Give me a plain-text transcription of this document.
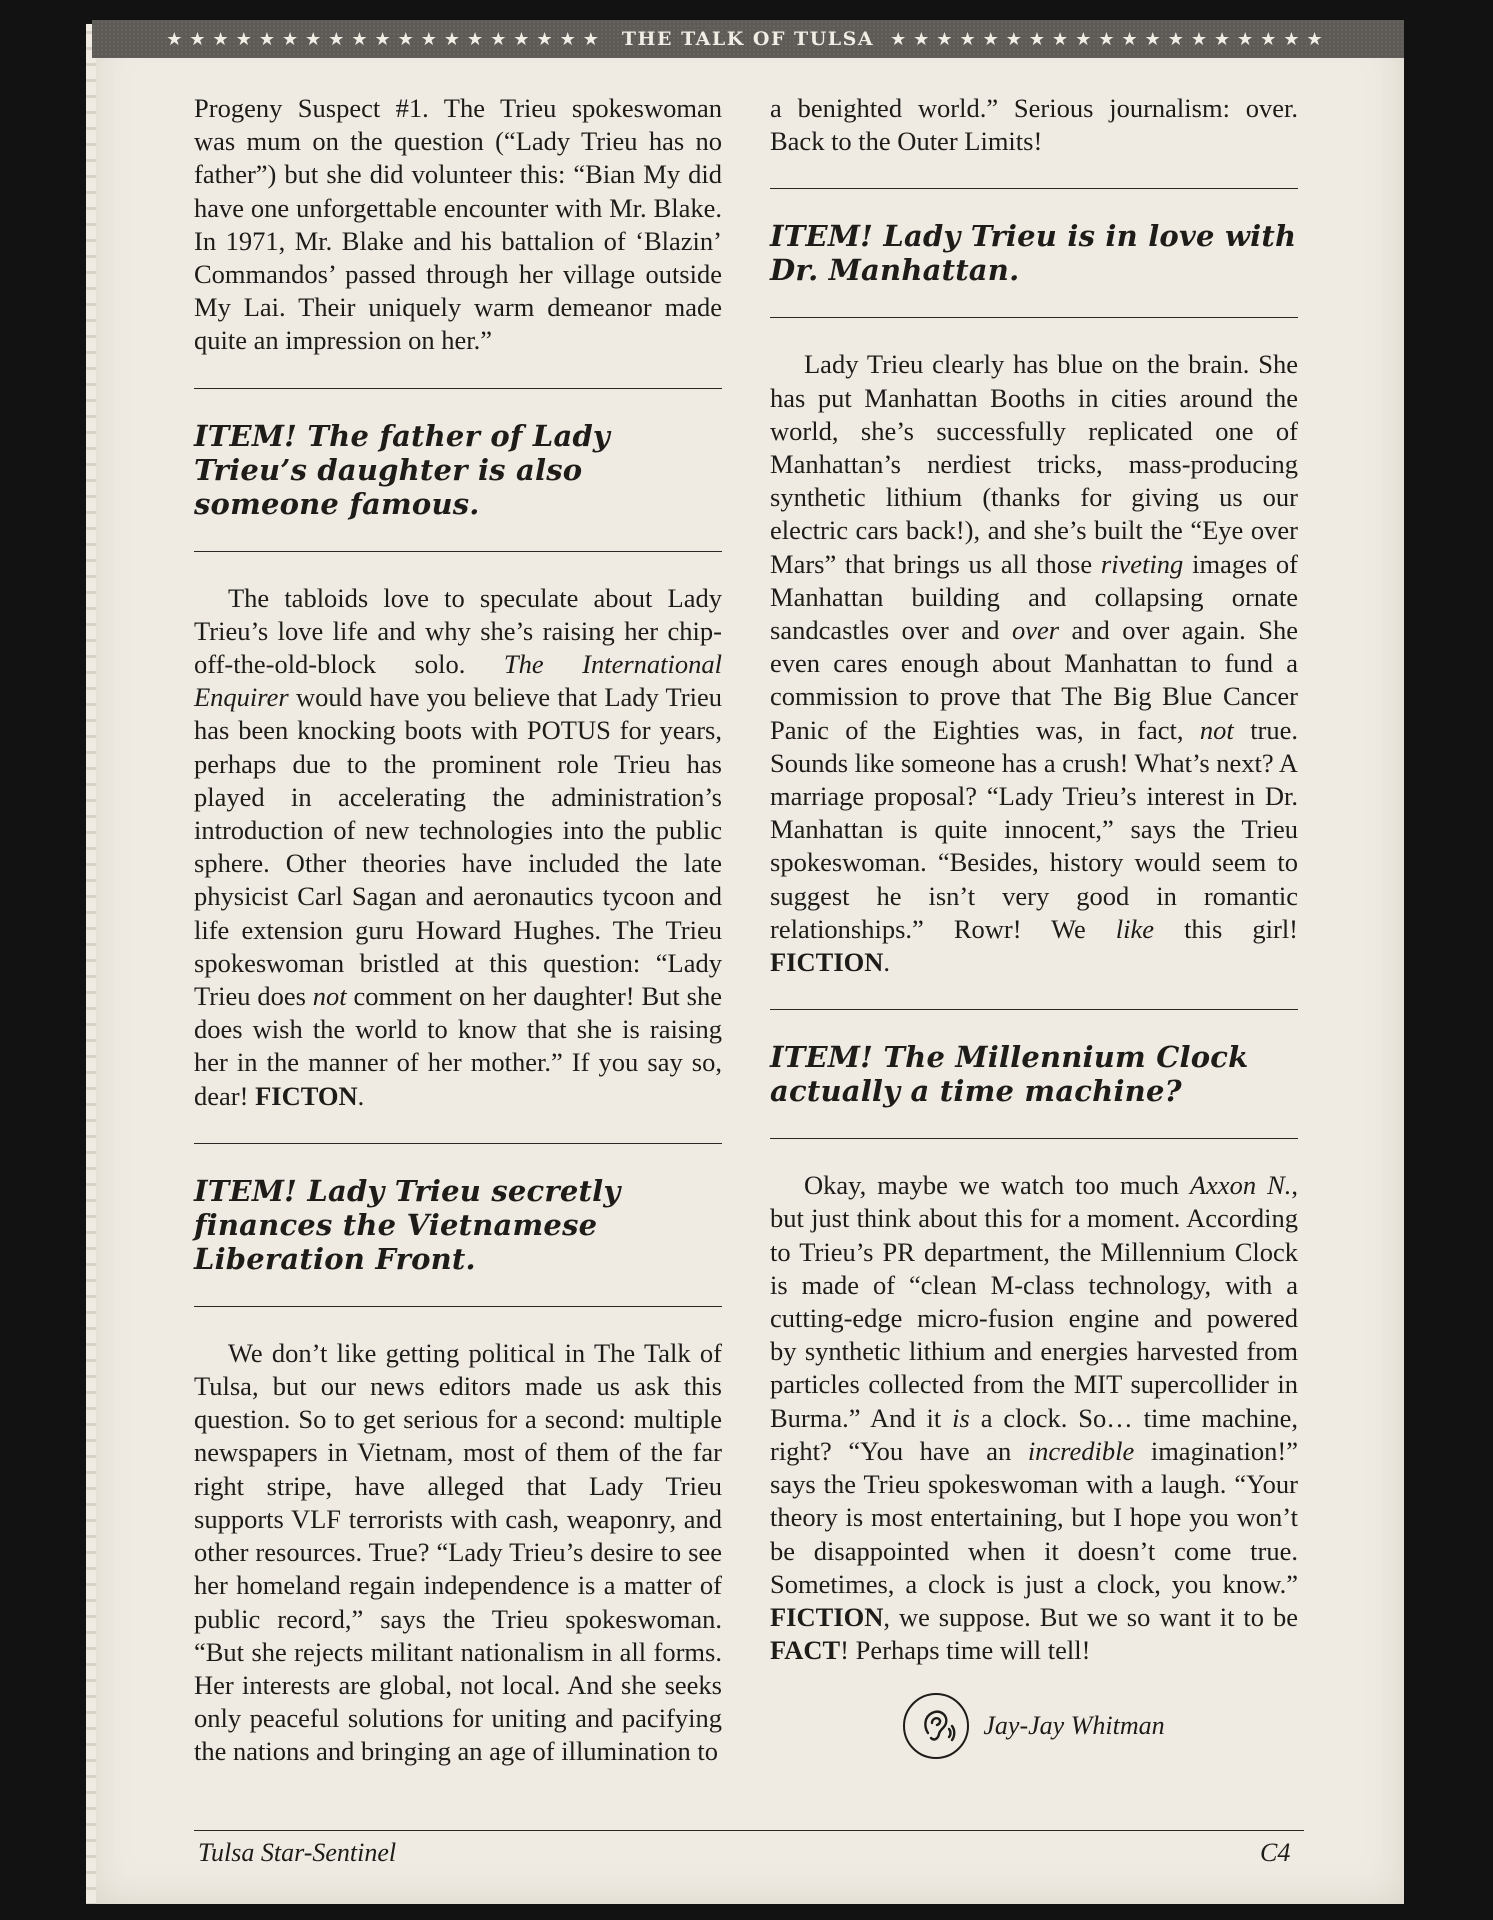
★★★★★★★★★★★★★★★★★★★ THE TALK OF TULSA ★★★★★★★★★★★★★★★★★★★

Progeny Suspect #1. The Trieu spokeswoman was mum on the question (“Lady Trieu has no father”) but she did volunteer this: “Bian My did have one unforgettable encounter with Mr. Blake. In 1971, Mr. Blake and his battalion of ‘Blazin’ Commandos’ passed through her village outside My Lai. Their uniquely warm demeanor made quite an impression on her.”

ITEM! The father of Lady Trieu’s daughter is also someone famous.

The tabloids love to speculate about Lady Trieu’s love life and why she’s raising her chip-off-the-old-block solo. The International Enquirer would have you believe that Lady Trieu has been knocking boots with POTUS for years, perhaps due to the prominent role Trieu has played in accelerating the administration’s introduction of new technologies into the public sphere. Other theories have included the late physicist Carl Sagan and aeronautics tycoon and life extension guru Howard Hughes. The Trieu spokeswoman bristled at this question: “Lady Trieu does not comment on her daughter! But she does wish the world to know that she is raising her in the manner of her mother.” If you say so, dear! FICTON.

ITEM! Lady Trieu secretly finances the Vietnamese Liberation Front.

We don’t like getting political in The Talk of Tulsa, but our news editors made us ask this question. So to get serious for a second: multiple newspapers in Vietnam, most of them of the far right stripe, have alleged that Lady Trieu supports VLF terrorists with cash, weaponry, and other resources. True? “Lady Trieu’s desire to see her homeland regain independence is a matter of public record,” says the Trieu spokeswoman. “But she rejects militant nationalism in all forms. Her interests are global, not local. And she seeks only peaceful solutions for uniting and pacifying the nations and bringing an age of illumination to

a benighted world.” Serious journalism: over. Back to the Outer Limits!

ITEM! Lady Trieu is in love with Dr. Manhattan.

Lady Trieu clearly has blue on the brain. She has put Manhattan Booths in cities around the world, she’s successfully replicated one of Manhattan’s nerdiest tricks, mass-producing synthetic lithium (thanks for giving us our electric cars back!), and she’s built the “Eye over Mars” that brings us all those riveting images of Manhattan building and collapsing ornate sandcastles over and over and over again. She even cares enough about Manhattan to fund a commission to prove that The Big Blue Cancer Panic of the Eighties was, in fact, not true. Sounds like someone has a crush! What’s next? A marriage proposal? “Lady Trieu’s interest in Dr. Manhattan is quite innocent,” says the Trieu spokeswoman. “Besides, history would seem to suggest he isn’t very good in romantic relationships.” Rowr! We like this girl! FICTION.

ITEM! The Millennium Clock actually a time machine?

Okay, maybe we watch too much Axxon N., but just think about this for a moment. According to Trieu’s PR department, the Millennium Clock is made of “clean M-class technology, with a cutting-edge micro-fusion engine and powered by synthetic lithium and energies harvested from particles collected from the MIT supercollider in Burma.” And it is a clock. So… time machine, right? “You have an incredible imagination!” says the Trieu spokeswoman with a laugh. “Your theory is most entertaining, but I hope you won’t be disappointed when it doesn’t come true. Sometimes, a clock is just a clock, you know.” FICTION, we suppose. But we so want it to be FACT! Perhaps time will tell!

Jay-Jay Whitman
Tulsa Star-Sentinel	C4
